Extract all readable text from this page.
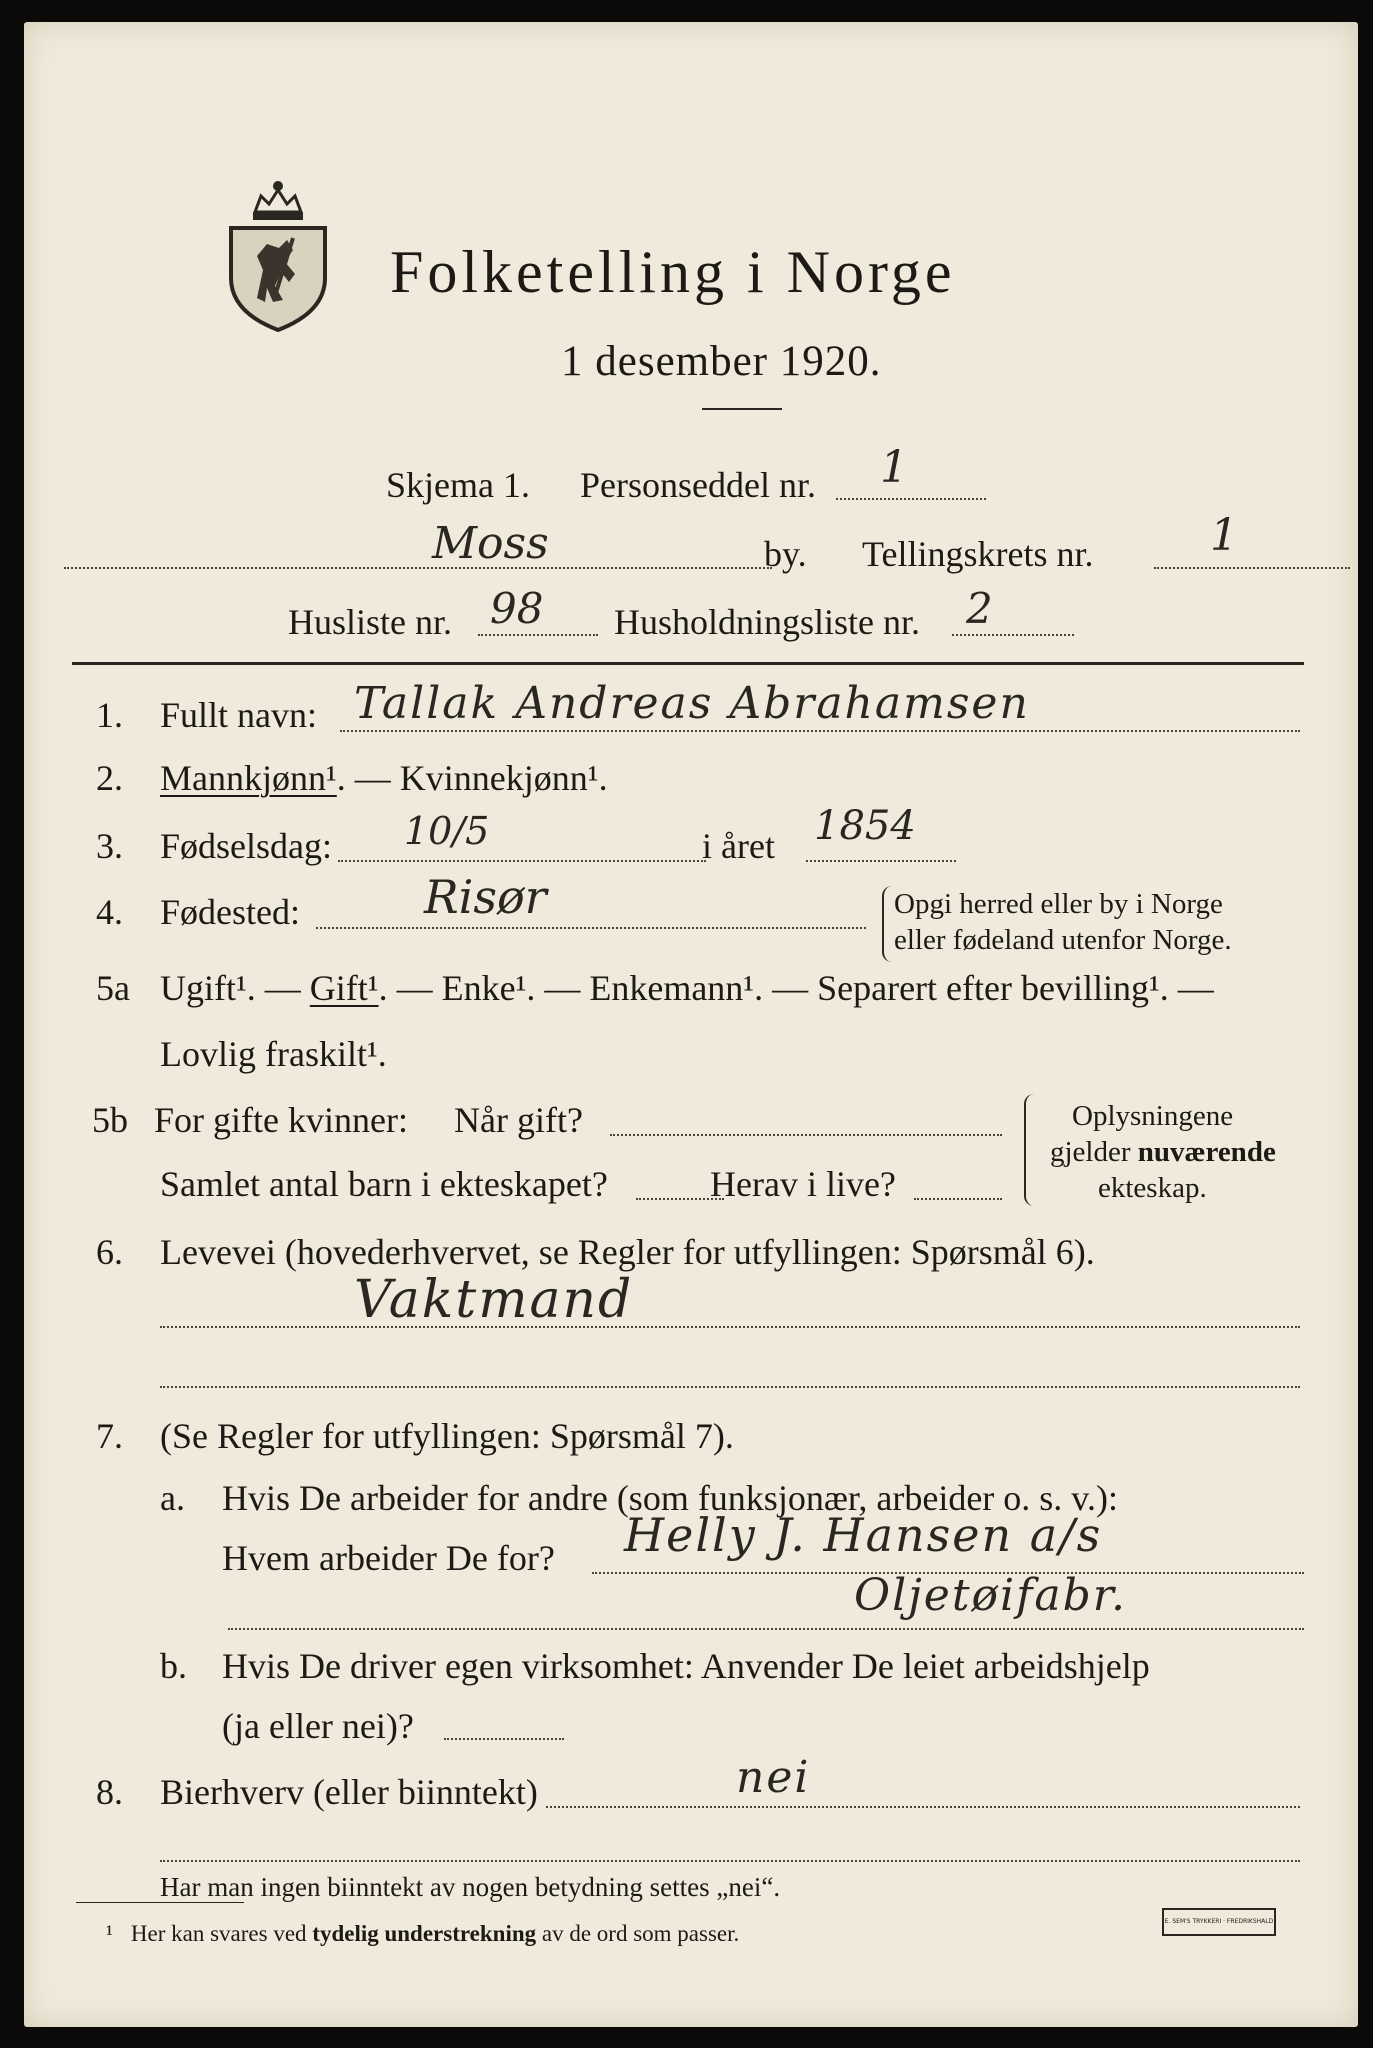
Folketelling i Norge
1 desember 1920.
Skjema 1. Personseddel nr. 1
Moss	by. Tellingskrets nr.	1
Husliste nr. 98 Husholdningsliste nr. 2
1. Fullt navn: Tallak Andreas Abrahamsen
2. Mannkjønn¹. — Kvinnekjønn¹.
3. Fødselsdag: 10/5	i året 1854
4. Fødested:	Risør	Opgi herred eller by i Norge
eller fødeland utenfor Norge.
5a Ugift¹. — Gift¹. — Enke¹. — Enkemann¹. — Separert efter bevilling¹. —
Lovlig fraskilt¹.
5b For gifte kvinner: Når gift?
Samlet antal barn i ekteskapet?	Herav i live?
Oplysningene
gjelder nuværende
ekteskap.
6. Levevei (hovederhvervet, se Regler for utfyllingen: Spørsmål 6).
Vaktmand
7. (Se Regler for utfyllingen: Spørsmål 7).
a. Hvis De arbeider for andre (som funksjonær, arbeider o. s. v.):
Hvem arbeider De for? Helly J. Hansen a/s
Oljetøifabr.
b. Hvis De driver egen virksomhet: Anvender De leiet arbeidshjelp
(ja eller nei)?
8. Bierhverv (eller biinntekt)	nei
Har man ingen biinntekt av nogen betydning settes „nei“.
¹ Her kan svares ved tydelig understrekning av de ord som passer.	E. SEM'S TRYKKERI · FREDRIKSHALD
